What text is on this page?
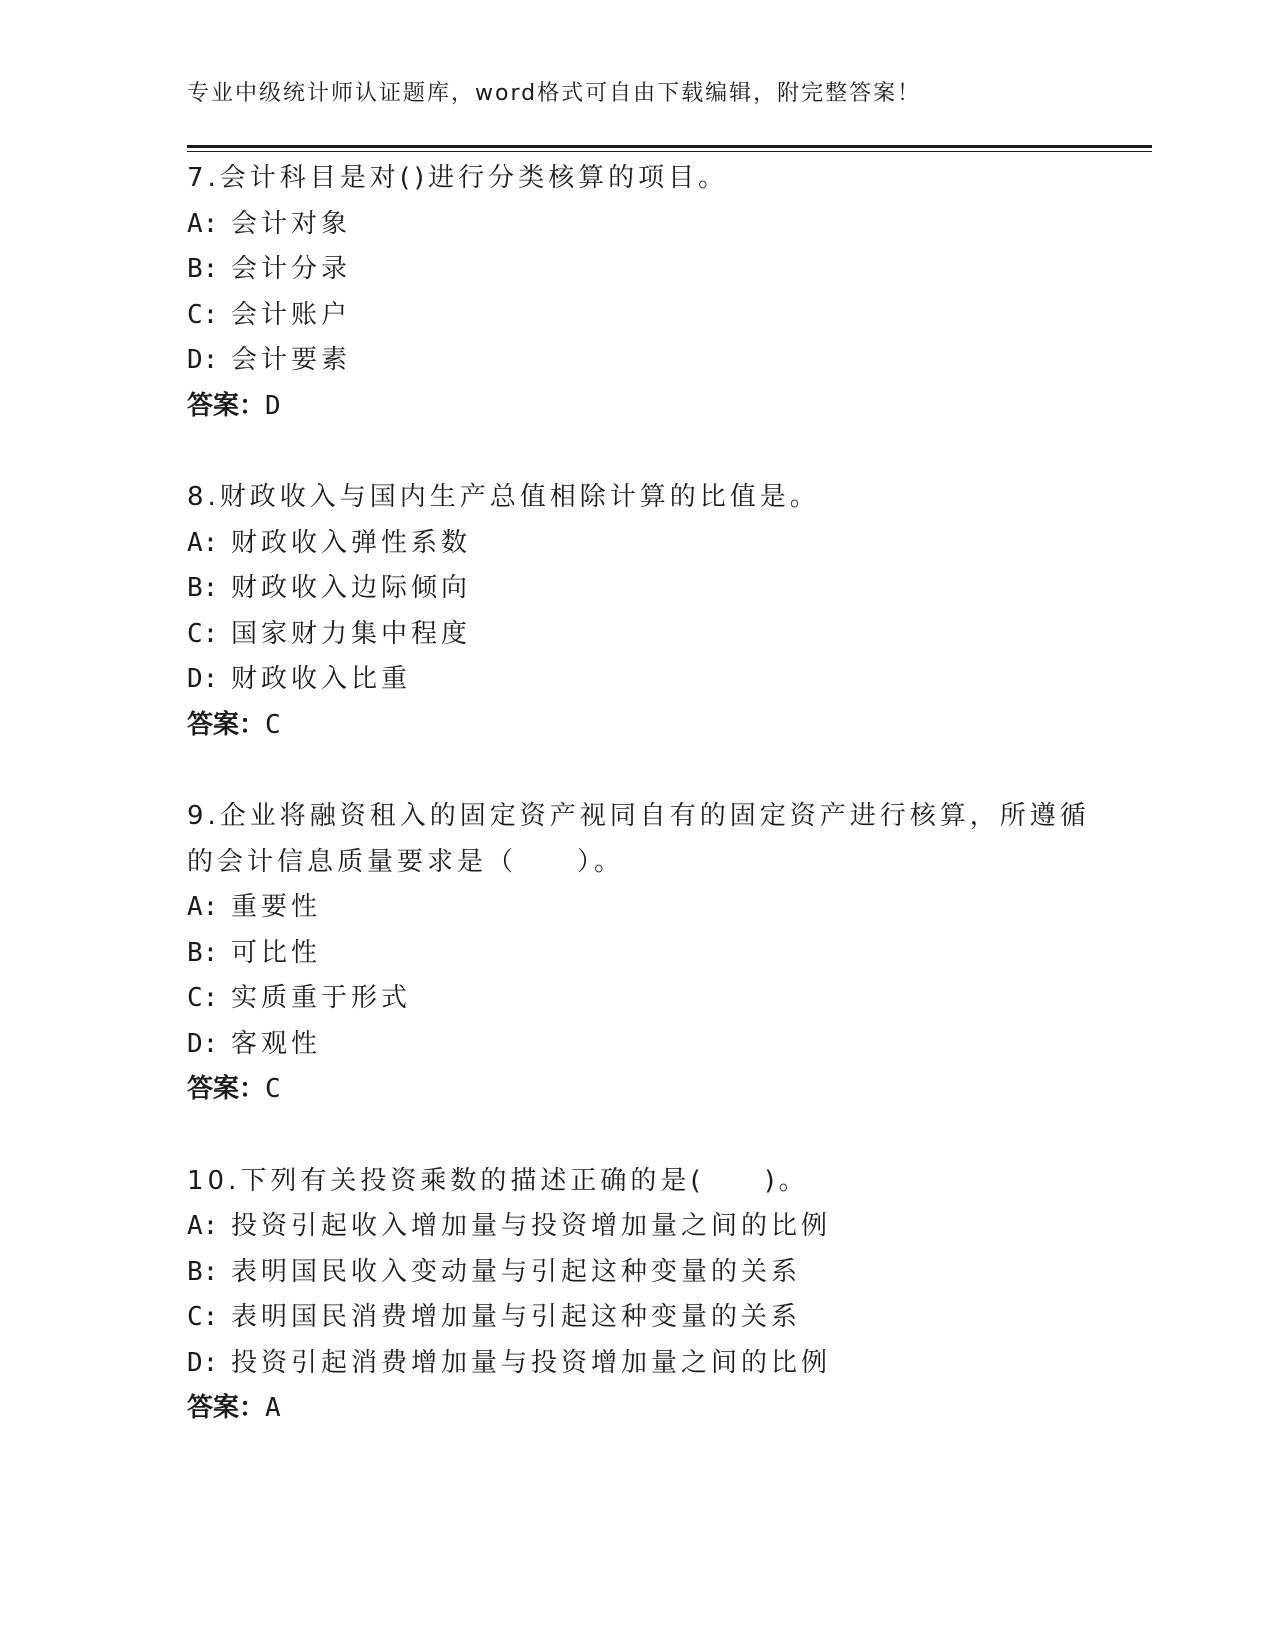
专业中级统计师认证题库，word格式可自由下载编辑，附完整答案！
7.会计科目是对()进行分类核算的项目。
A: 会计对象
B: 会计分录
C: 会计账户
D: 会计要素
答案：D
8.财政收入与国内生产总值相除计算的比值是。
A: 财政收入弹性系数
B: 财政收入边际倾向
C: 国家财力集中程度
D: 财政收入比重
答案：C
9.企业将融资租入的固定资产视同自有的固定资产进行核算，所遵循
的会计信息质量要求是（　　）。
A: 重要性
B: 可比性
C: 实质重于形式
D: 客观性
答案：C
10.下列有关投资乘数的描述正确的是(　　)。
A: 投资引起收入增加量与投资增加量之间的比例
B: 表明国民收入变动量与引起这种变量的关系
C: 表明国民消费增加量与引起这种变量的关系
D: 投资引起消费增加量与投资增加量之间的比例
答案：A
